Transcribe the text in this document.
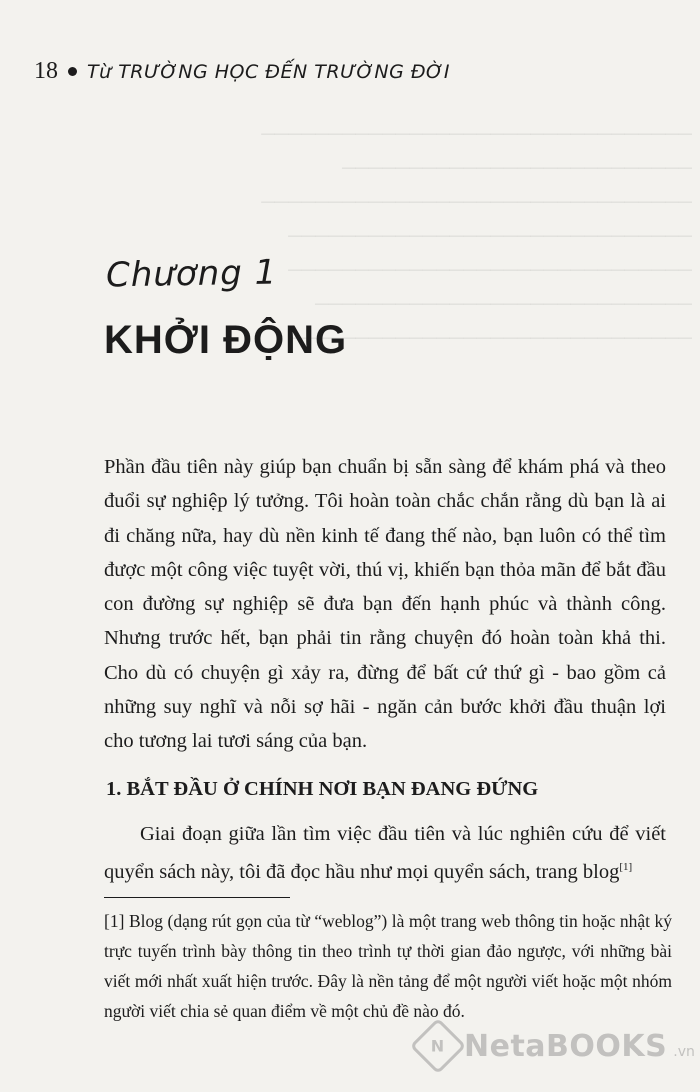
────────────────────────────────
──────────────────────────
────────────────────────────────
──────────────────────────────
──────────────────────────────
────────────────────────────
──────────────────────────────
18 Từ TRƯỜNG HỌC ĐẾN TRƯỜNG ĐỜI
Chương 1
KHỞI ĐỘNG

Phần đầu tiên này giúp bạn chuẩn bị sẵn sàng để khám phá và theo đuổi sự nghiệp lý tưởng. Tôi hoàn toàn chắc chắn rằng dù bạn là ai đi chăng nữa, hay dù nền kinh tế đang thế nào, bạn luôn có thể tìm được một công việc tuyệt vời, thú vị, khiến bạn thỏa mãn để bắt đầu con đường sự nghiệp sẽ đưa bạn đến hạnh phúc và thành công. Nhưng trước hết, bạn phải tin rằng chuyện đó hoàn toàn khả thi. Cho dù có chuyện gì xảy ra, đừng để bất cứ thứ gì - bao gồm cả những suy nghĩ và nỗi sợ hãi - ngăn cản bước khởi đầu thuận lợi cho tương lai tươi sáng của bạn.

1. BẮT ĐẦU Ở CHÍNH NƠI BẠN ĐANG ĐỨNG

Giai đoạn giữa lần tìm việc đầu tiên và lúc nghiên cứu để viết quyển sách này, tôi đã đọc hầu như mọi quyển sách, trang blog[1]

[1] Blog (dạng rút gọn của từ “weblog”) là một trang web thông tin hoặc nhật ký trực tuyến trình bày thông tin theo trình tự thời gian đảo ngược, với những bài viết mới nhất xuất hiện trước. Đây là nền tảng để một người viết hoặc một nhóm người viết chia sẻ quan điểm về một chủ đề nào đó.

N NetaBOOKS .vn
